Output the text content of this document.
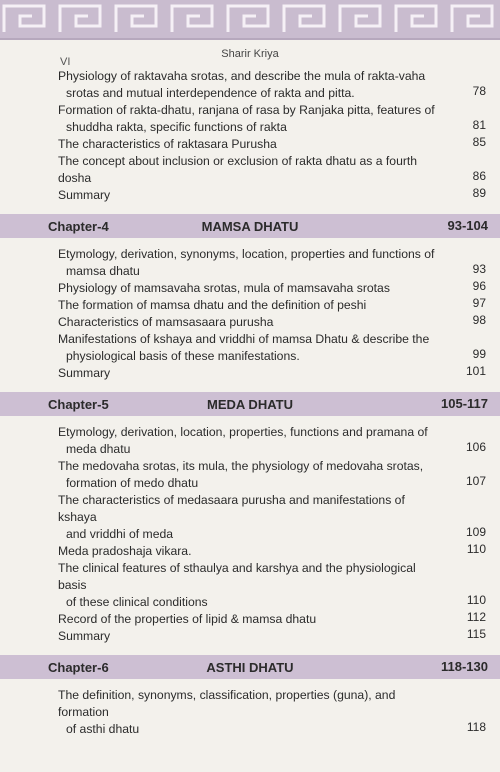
VI
Sharir Kriya
Physiology of raktavaha srotas, and describe the mula of rakta-vaha
srotas and mutual interdependence of rakta and pitta.	78
Formation of rakta-dhatu, ranjana of rasa by Ranjaka pitta, features of
shuddha rakta, specific functions of rakta	81
The characteristics of raktasara Purusha	85
The concept about inclusion or exclusion of rakta dhatu as a fourth dosha	86
Summary	89
Chapter-4	MAMSA DHATU	93-104
Etymology, derivation, synonyms, location, properties and functions of
mamsa dhatu	93
Physiology of mamsavaha srotas, mula of mamsavaha srotas	96
The formation of mamsa dhatu and the definition of peshi	97
Characteristics of mamsasaara purusha	98
Manifestations of kshaya and vriddhi of mamsa Dhatu & describe the
physiological basis of these manifestations.	99
Summary	101
Chapter-5	MEDA DHATU	105-117
Etymology, derivation, location, properties, functions and pramana of
meda dhatu	106
The medovaha srotas, its mula, the physiology of medovaha srotas,
formation of medo dhatu	107
The characteristics of medasaara purusha and manifestations of kshaya
and vriddhi of meda	109
Meda pradoshaja vikara.	110
The clinical features of sthaulya and karshya and the physiological basis
of these clinical conditions	110
Record of the properties of lipid & mamsa dhatu	112
Summary	115
Chapter-6	ASTHI DHATU	118-130
The definition, synonyms, classification, properties (guna), and formation
of asthi dhatu	118
